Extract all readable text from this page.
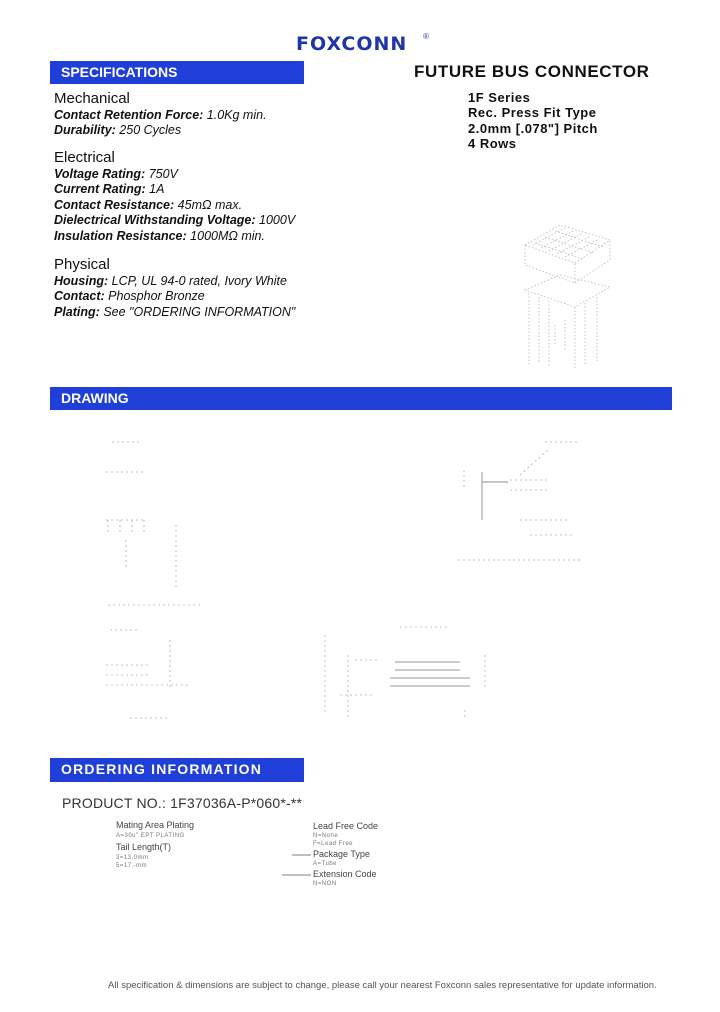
FOXCONN ®
SPECIFICATIONS	FUTURE BUS CONNECTOR
1F Series
Rec. Press Fit Type
2.0mm [.078"] Pitch
4 Rows
Mechanical
Contact Retention Force: 1.0Kg min.
Durability: 250 Cycles
Electrical
Voltage Rating: 750V
Current Rating: 1A
Contact Resistance: 45mΩ max.
Dielectrical Withstanding Voltage: 1000V
Insulation Resistance: 1000MΩ min.
Physical
Housing: LCP, UL 94-0 rated, Ivory White
Contact: Phosphor Bronze
Plating: See "ORDERING INFORMATION"
DRAWING
ORDERING INFORMATION
PRODUCT NO.: 1F37036A-P*060*-**
Mating Area Plating
A=30u" EPT PLATING
Tail Length(T)
3=13.0mm
5=17.-mm
Lead Free Code
N=None
F=Lead Free
Package Type
A=Tube
Extension Code
N=NON
All specification & dimensions are subject to change, please call your nearest Foxconn sales representative for update information.
